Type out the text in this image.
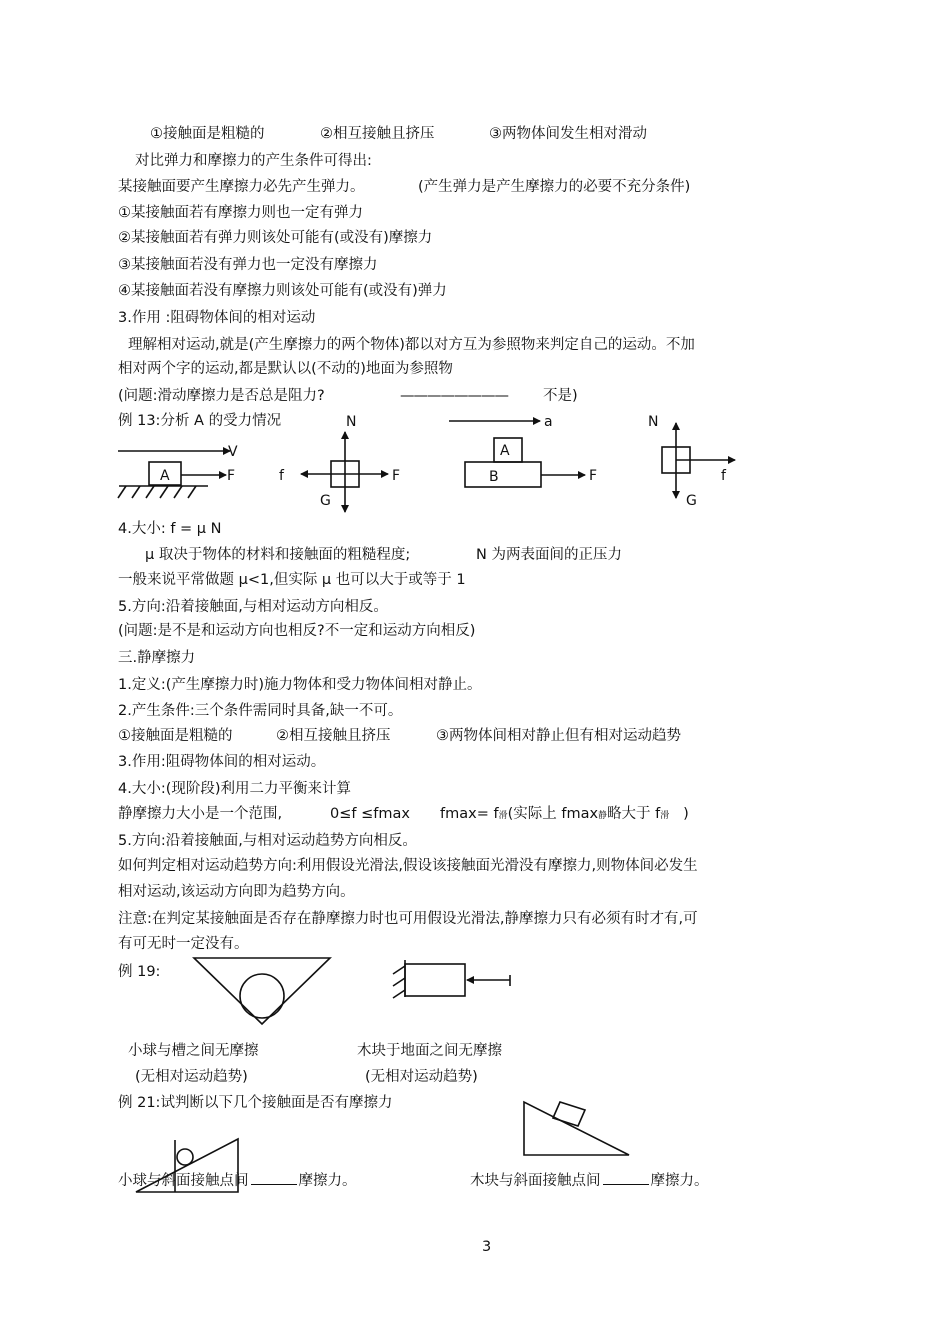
①接触面是粗糙的	②相互接触且挤压	③两物体间发生相对滑动
对比弹力和摩擦力的产生条件可得出:
某接触面要产生摩擦力必先产生弹力。	(产生弹力是产生摩擦力的必要不充分条件)
①某接触面若有摩擦力则也一定有弹力
②某接触面若有弹力则该处可能有(或没有)摩擦力
③某接触面若没有弹力也一定没有摩擦力
④某接触面若没有摩擦力则该处可能有(或没有)弹力
3.作用 :阻碍物体间的相对运动
理解相对运动,就是(产生摩擦力的两个物体)都以对方互为参照物来判定自己的运动。不加
相对两个字的运动,都是默认以(不动的)地面为参照物
(问题:滑动摩擦力是否总是阻力?	———————— 不是)
例 13:分析 A 的受力情况
4.大小: f = μ N
μ 取决于物体的材料和接触面的粗糙程度;	N 为两表面间的正压力
一般来说平常做题 μ<1,但实际 μ 也可以大于或等于 1
5.方向:沿着接触面,与相对运动方向相反。
(问题:是不是和运动方向也相反?不一定和运动方向相反)
三.静摩擦力
1.定义:(产生摩擦力时)施力物体和受力物体间相对静止。
2.产生条件:三个条件需同时具备,缺一不可。
①接触面是粗糙的	②相互接触且挤压	③两物体间相对静止但有相对运动趋势
3.作用:阻碍物体间的相对运动。
4.大小:(现阶段)利用二力平衡来计算
静摩擦力大小是一个范围,	0≤f ≤fmax fmax= f滑(实际上 fmax静略大于 f滑 )
5.方向:沿着接触面,与相对运动趋势方向相反。
如何判定相对运动趋势方向:利用假设光滑法,假设该接触面光滑没有摩擦力,则物体间必发生
相对运动,该运动方向即为趋势方向。
注意:在判定某接触面是否存在静摩擦力时也可用假设光滑法,静摩擦力只有必须有时才有,可
有可无时一定没有。
例 19:
小球与槽之间无摩擦	木块于地面之间无摩擦
(无相对运动趋势)	(无相对运动趋势)
例 21:试判断以下几个接触面是否有摩擦力
小球与斜面接触点间	摩擦力。	木块与斜面接触点间	摩擦力。
3
V
A	F
N
f	F
G
a
A
B	F
N
f
G
